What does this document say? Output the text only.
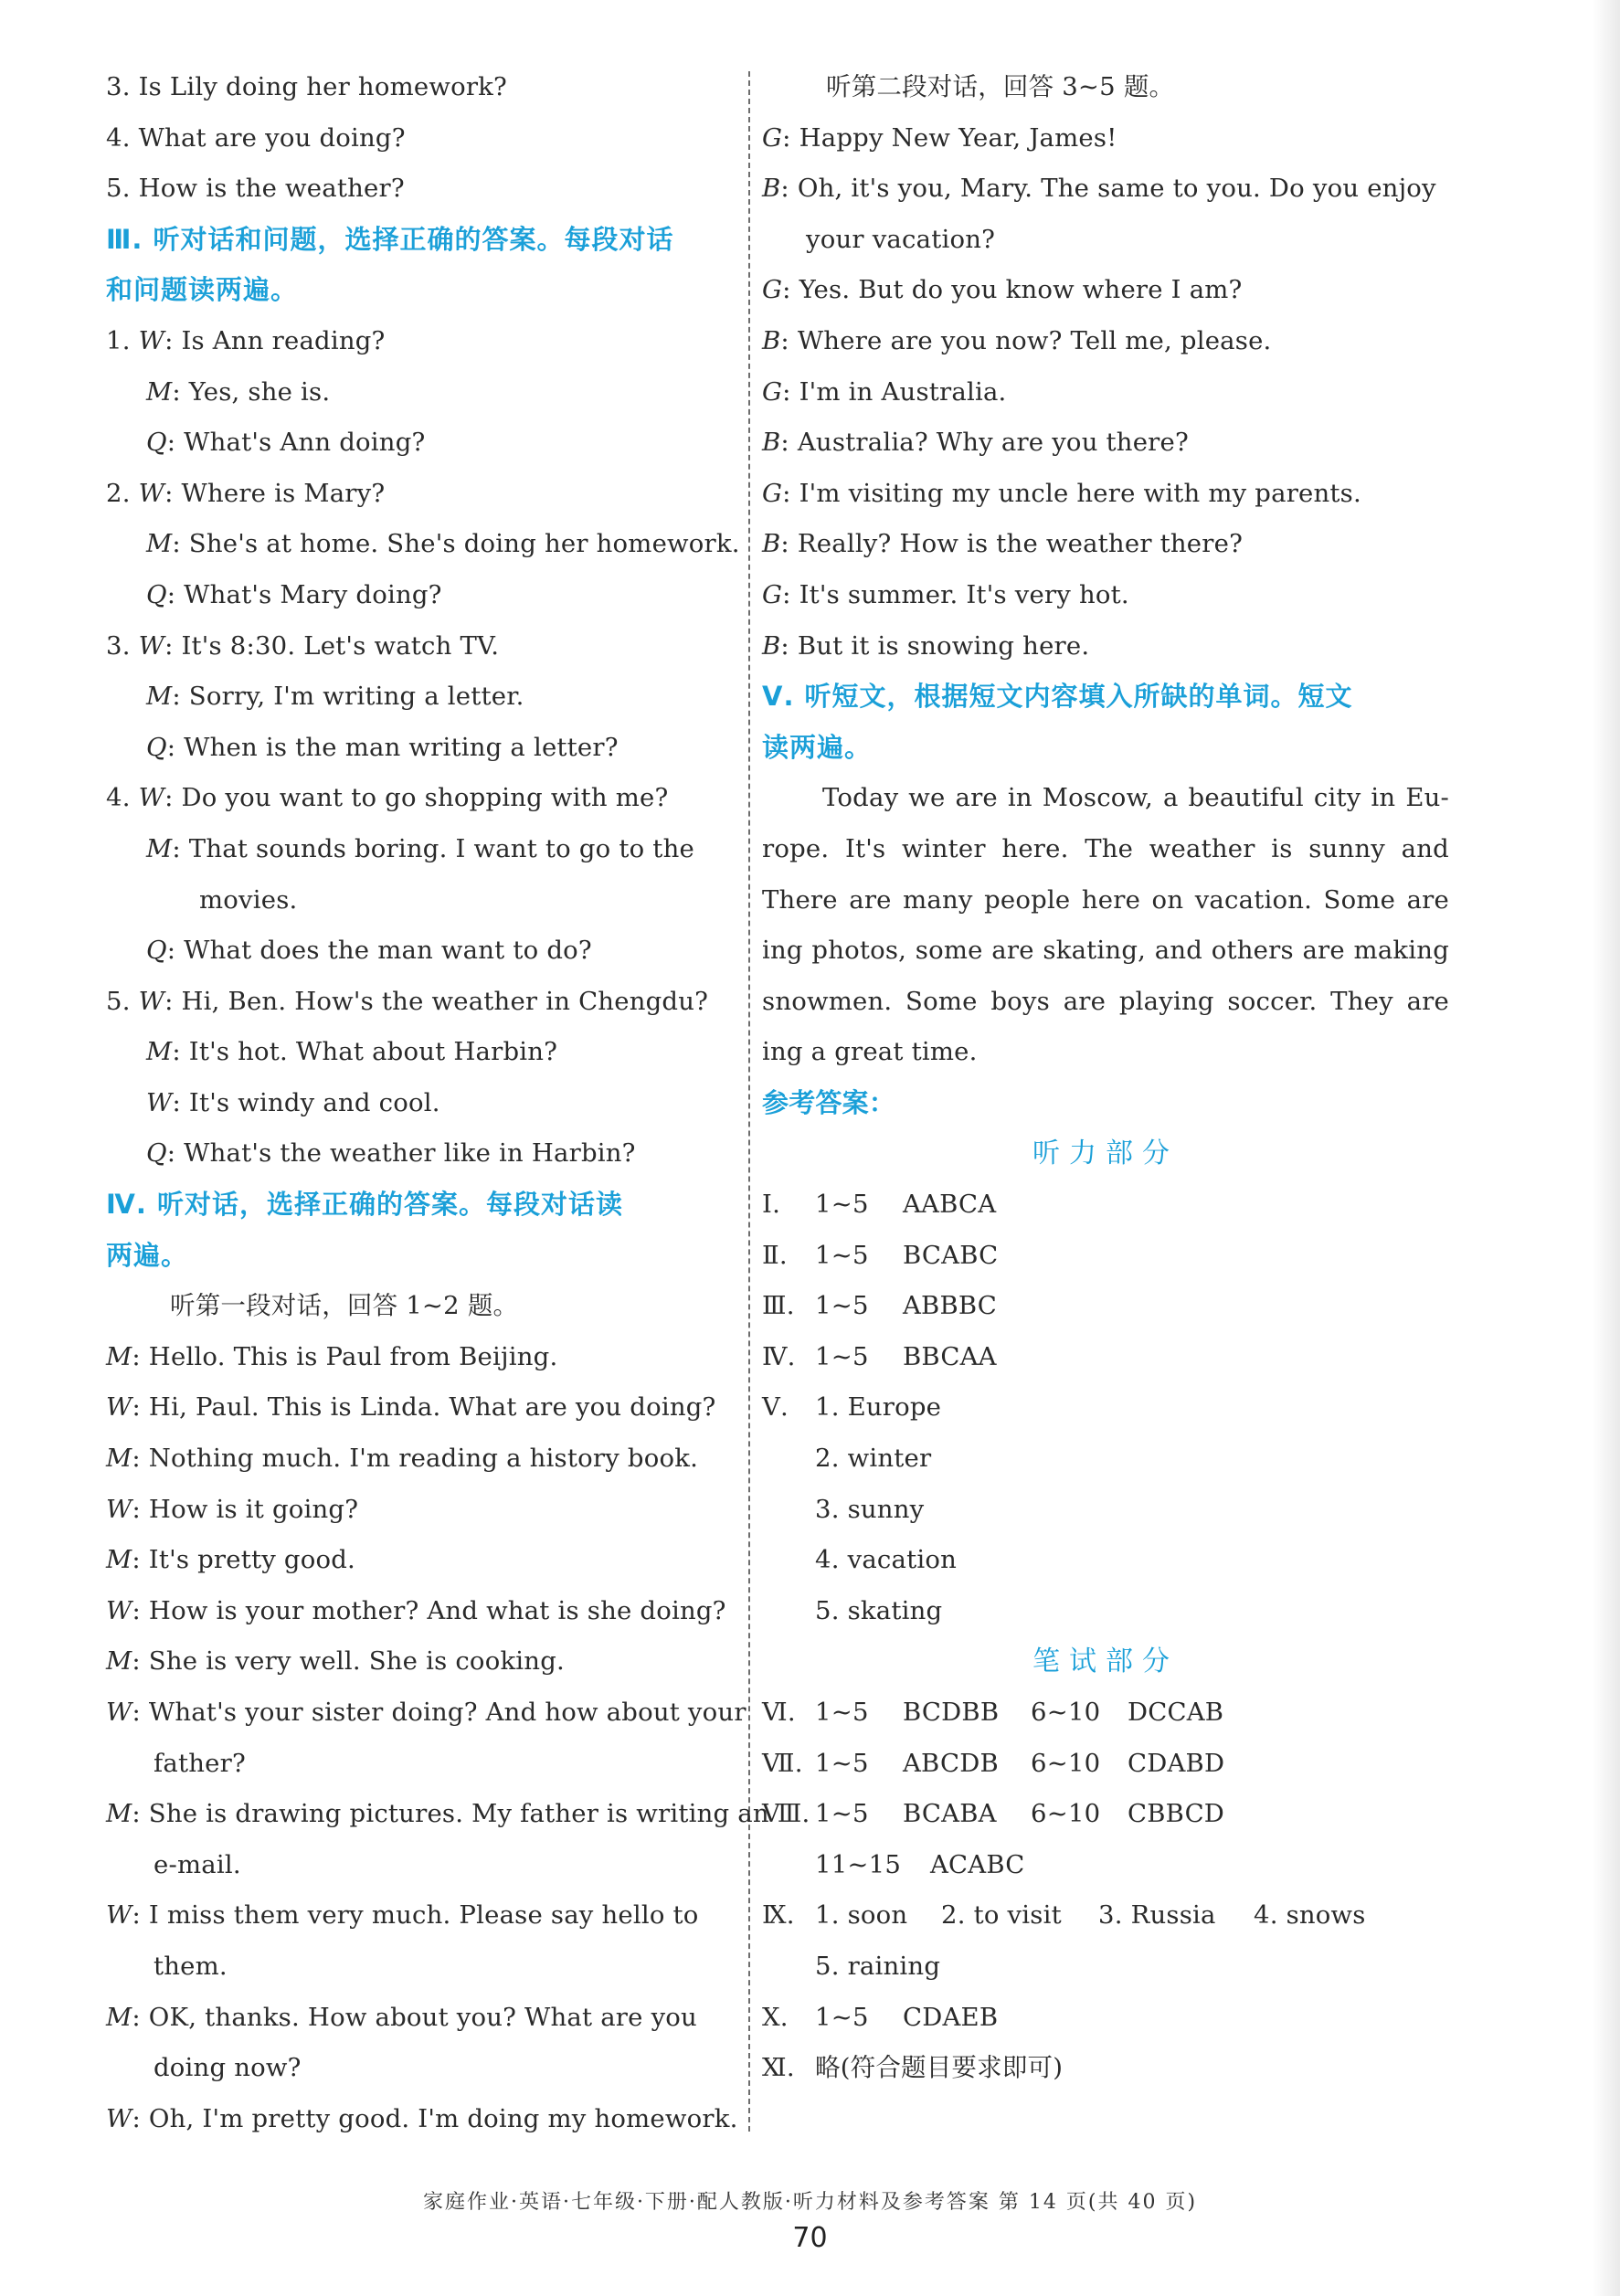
3. Is Lily doing her homework?
4. What are you doing?
5. How is the weather?
Ⅲ. 听对话和问题，选择正确的答案。每段对话
和问题读两遍。
1. W: Is Ann reading?
M: Yes, she is.
Q: What's Ann doing?
2. W: Where is Mary?
M: She's at home. She's doing her homework.
Q: What's Mary doing?
3. W: It's 8:30. Let's watch TV.
M: Sorry, I'm writing a letter.
Q: When is the man writing a letter?
4. W: Do you want to go shopping with me?
M: That sounds boring. I want to go to the
movies.
Q: What does the man want to do?
5. W: Hi, Ben. How's the weather in Chengdu?
M: It's hot. What about Harbin?
W: It's windy and cool.
Q: What's the weather like in Harbin?
Ⅳ. 听对话，选择正确的答案。每段对话读
两遍。
听第一段对话，回答 1~2 题。
M: Hello. This is Paul from Beijing.
W: Hi, Paul. This is Linda. What are you doing?
M: Nothing much. I'm reading a history book.
W: How is it going?
M: It's pretty good.
W: How is your mother? And what is she doing?
M: She is very well. She is cooking.
W: What's your sister doing? And how about your
father?
M: She is drawing pictures. My father is writing an
e-mail.
W: I miss them very much. Please say hello to
them.
M: OK, thanks. How about you? What are you
doing now?
W: Oh, I'm pretty good. I'm doing my homework.
听第二段对话，回答 3~5 题。
G: Happy New Year, James!
B: Oh, it's you, Mary. The same to you. Do you enjoy
your vacation?
G: Yes. But do you know where I am?
B: Where are you now? Tell me, please.
G: I'm in Australia.
B: Australia? Why are you there?
G: I'm visiting my uncle here with my parents.
B: Really? How is the weather there?
G: It's summer. It's very hot.
B: But it is snowing here.
Ⅴ. 听短文，根据短文内容填入所缺的单词。短文
读两遍。
Today we are in Moscow, a beautiful city in Eu-
rope. It's winter here. The weather is sunny and
There are many people here on vacation. Some are
ing photos, some are skating, and others are making
snowmen. Some boys are playing soccer. They are
ing a great time.
参考答案：
听力部分
Ⅰ.	1~5	AABCA
Ⅱ.	1~5	BCABC
Ⅲ. 1~5	ABBBC
Ⅳ. 1~5	BBCAA
Ⅴ.	1. Europe
2. winter
3. sunny
4. vacation
5. skating
笔试部分
Ⅵ. 1~5	BCDBB	6~10	DCCAB
Ⅶ. 1~5	ABCDB	6~10	CDABD
Ⅷ. 1~5	BCABA	6~10	CBBCD
11~15	ACABC
Ⅸ. 1. soon	2. to visit	3. Russia	4. snows
5. raining
Ⅹ.	1~5	CDAEB
Ⅺ. 略(符合题目要求即可)
家庭作业·英语·七年级·下册·配人教版·听力材料及参考答案 第 14 页(共 40 页)
70
